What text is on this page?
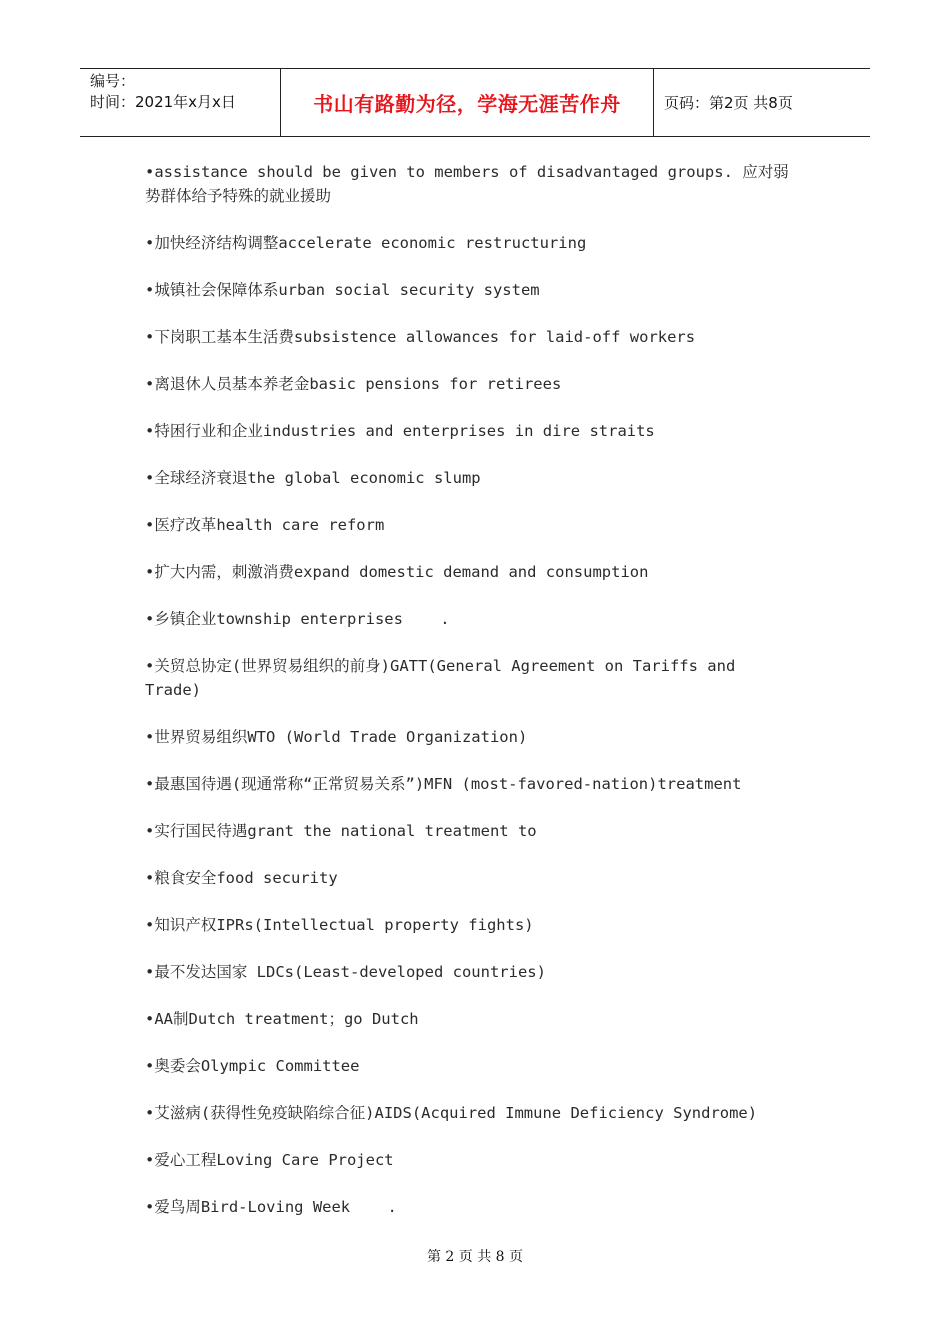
编号：
时间：2021年x月x日	书山有路勤为径，学海无涯苦作舟	页码：第2页 共8页
•assistance should be given to members of disadvantaged groups. 应对弱
势群体给予特殊的就业援助
•加快经济结构调整accelerate economic restructuring
•城镇社会保障体系urban social security system
•下岗职工基本生活费subsistence allowances for laid-off workers
•离退休人员基本养老金basic pensions for retirees
•特困行业和企业industries and enterprises in dire straits
•全球经济衰退the global economic slump
•医疗改革health care reform
•扩大内需，刺激消费expand domestic demand and consumption
•乡镇企业township enterprises    .
•关贸总协定(世界贸易组织的前身)GATT(General Agreement on Tariffs and
Trade)
•世界贸易组织WTO (World Trade Organization)
•最惠国待遇(现通常称“正常贸易关系”)MFN (most-favored-nation)treatment
•实行国民待遇grant the national treatment to
•粮食安全food security
•知识产权IPRs(Intellectual property fights)
•最不发达国家 LDCs(Least-developed countries)
•AA制Dutch treatment；go Dutch
•奥委会Olympic Committee
•艾滋病(获得性免疫缺陷综合征)AIDS(Acquired Immune Deficiency Syndrome)
•爱心工程Loving Care Project
•爱鸟周Bird-Loving Week    .
第 2 页 共 8 页
